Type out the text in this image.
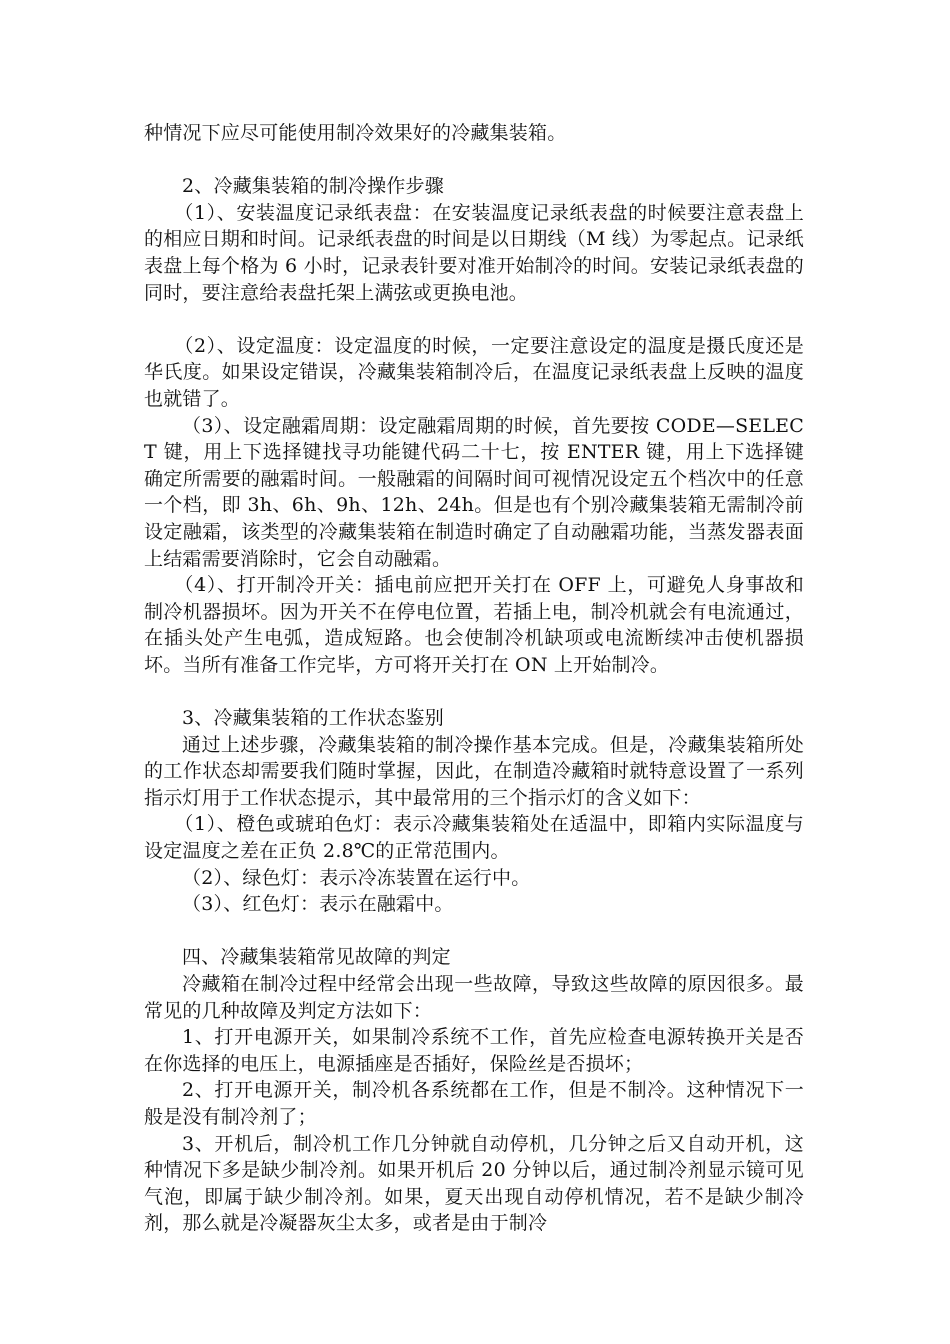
种情况下应尽可能使用制冷效果好的冷藏集装箱。

2、冷藏集装箱的制冷操作步骤

（1）、安装温度记录纸表盘：在安装温度记录纸表盘的时候要注意表盘上的相应日期和时间。记录纸表盘的时间是以日期线（M 线）为零起点。记录纸表盘上每个格为 6 小时，记录表针要对准开始制冷的时间。安装记录纸表盘的同时，要注意给表盘托架上满弦或更换电池。

（2）、设定温度：设定温度的时候，一定要注意设定的温度是摄氏度还是华氏度。如果设定错误，冷藏集装箱制冷后，在温度记录纸表盘上反映的温度也就错了。

（3）、设定融霜周期：设定融霜周期的时候，首先要按 CODE—SELECT 键，用上下选择键找寻功能键代码二十七，按 ENTER 键，用上下选择键确定所需要的融霜时间。一般融霜的间隔时间可视情况设定五个档次中的任意一个档，即 3h、6h、9h、12h、24h。但是也有个别冷藏集装箱无需制冷前设定融霜，该类型的冷藏集装箱在制造时确定了自动融霜功能，当蒸发器表面上结霜需要消除时，它会自动融霜。

（4）、打开制冷开关：插电前应把开关打在 OFF 上，可避免人身事故和制冷机器损坏。因为开关不在停电位置，若插上电，制冷机就会有电流通过，在插头处产生电弧，造成短路。也会使制冷机缺项或电流断续冲击使机器损坏。当所有准备工作完毕，方可将开关打在 ON 上开始制冷。

3、冷藏集装箱的工作状态鉴别

通过上述步骤，冷藏集装箱的制冷操作基本完成。但是，冷藏集装箱所处的工作状态却需要我们随时掌握，因此，在制造冷藏箱时就特意设置了一系列指示灯用于工作状态提示，其中最常用的三个指示灯的含义如下：

（1）、橙色或琥珀色灯：表示冷藏集装箱处在适温中，即箱内实际温度与设定温度之差在正负 2.8℃的正常范围内。

（2）、绿色灯：表示冷冻装置在运行中。

（3）、红色灯：表示在融霜中。

四、冷藏集装箱常见故障的判定

冷藏箱在制冷过程中经常会出现一些故障，导致这些故障的原因很多。最常见的几种故障及判定方法如下：

1、打开电源开关，如果制冷系统不工作，首先应检查电源转换开关是否在你选择的电压上，电源插座是否插好，保险丝是否损坏；

2、打开电源开关，制冷机各系统都在工作，但是不制冷。这种情况下一般是没有制冷剂了；

3、开机后，制冷机工作几分钟就自动停机，几分钟之后又自动开机，这种情况下多是缺少制冷剂。如果开机后 20 分钟以后，通过制冷剂显示镜可见气泡，即属于缺少制冷剂。如果，夏天出现自动停机情况，若不是缺少制冷剂，那么就是冷凝器灰尘太多，或者是由于制冷
